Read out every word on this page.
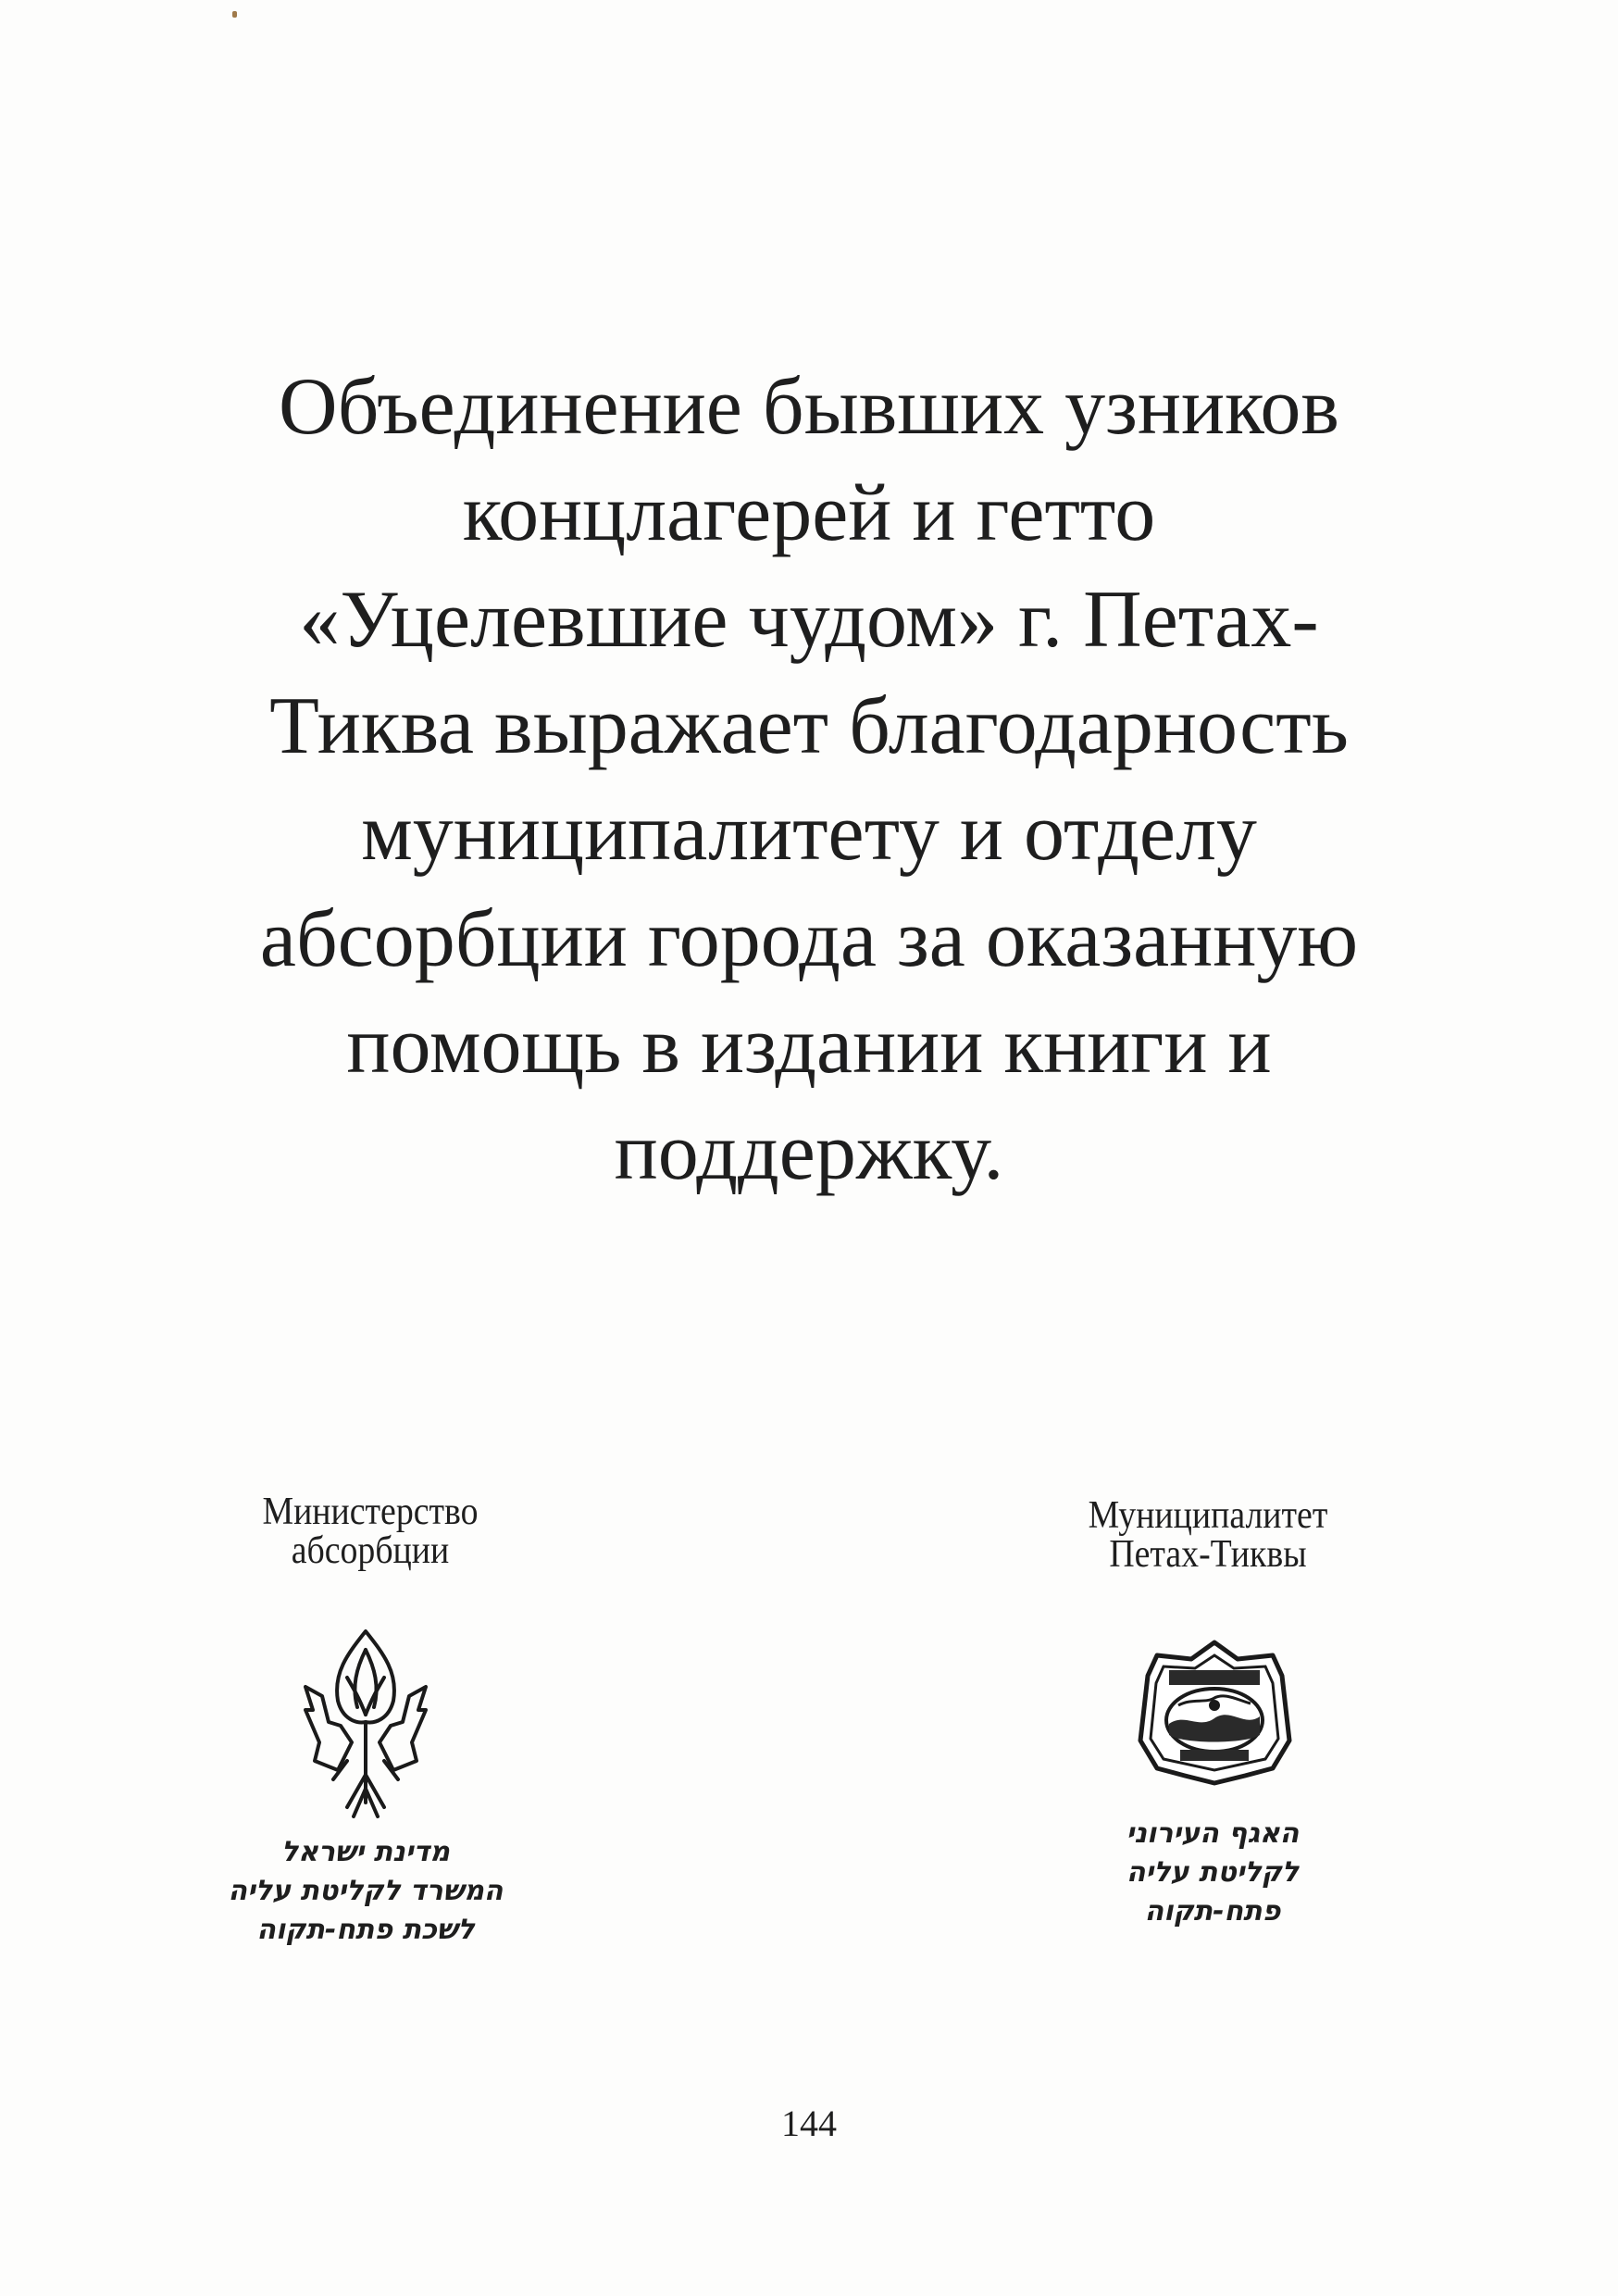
Объединение бывших узников
концлагерей и гетто
«Уцелевшие чудом» г. Петах-
Тиква выражает благодарность
муниципалитету и отделу
абсорбции города за оказанную
помощь в издании книги и
поддержку.
Министерство
абсорбции
מדינת ישראל
המשרד לקליטת עליה
לשכת פתח-תקוה
Муниципалитет
Петах-Тиквы
האגף העירוני
לקליטת עליה
פתח-תקוה
144
